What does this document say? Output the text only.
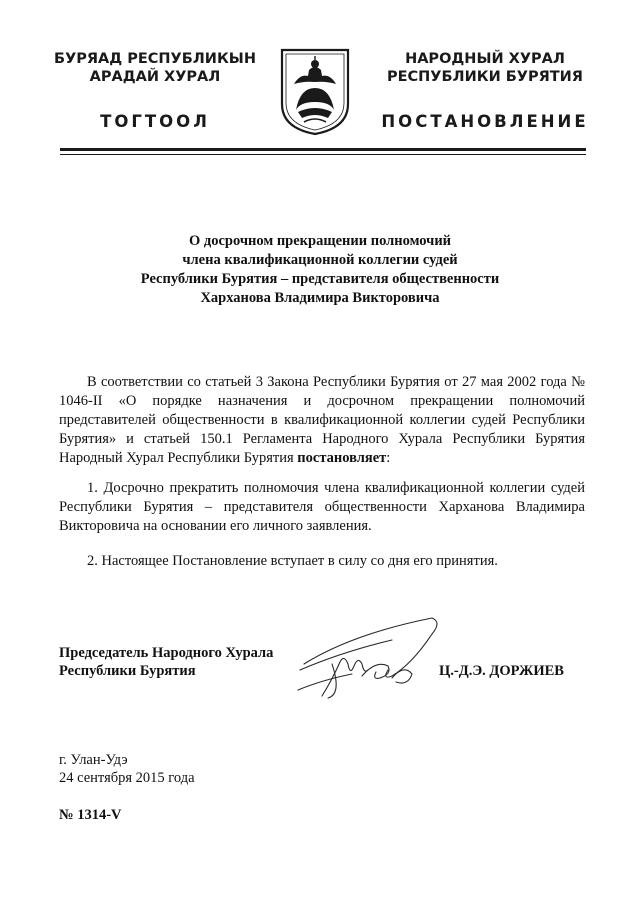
БУРЯАД РЕСПУБЛИКЫН
АРАДАЙ ХУРАЛ
ТОГТООЛ
НАРОДНЫЙ ХУРАЛ
РЕСПУБЛИКИ БУРЯТИЯ
ПОСТАНОВЛЕНИЕ
О досрочном прекращении полномочий
члена квалификационной коллегии судей
Республики Бурятия – представителя общественности
Харханова Владимира Викторовича

В соответствии со статьей 3 Закона Республики Бурятия от 27 мая 2002 года № 1046-II «О порядке назначения и досрочном прекращении полномочий представителей общественности в квалификационной коллегии судей Республики Бурятия» и статьей 150.1 Регламента Народного Хурала Республики Бурятия Народный Хурал Республики Бурятия постановляет:

1. Досрочно прекратить полномочия члена квалификационной коллегии судей Республики Бурятия – представителя общественности Харханова Владимира Викторовича на основании его личного заявления.

2. Настоящее Постановление вступает в силу со дня его принятия.

Председатель Народного Хурала
Республики Бурятия	Ц.-Д.Э. ДОРЖИЕВ
г. Улан-Удэ
24 сентября 2015 года
№ 1314-V
